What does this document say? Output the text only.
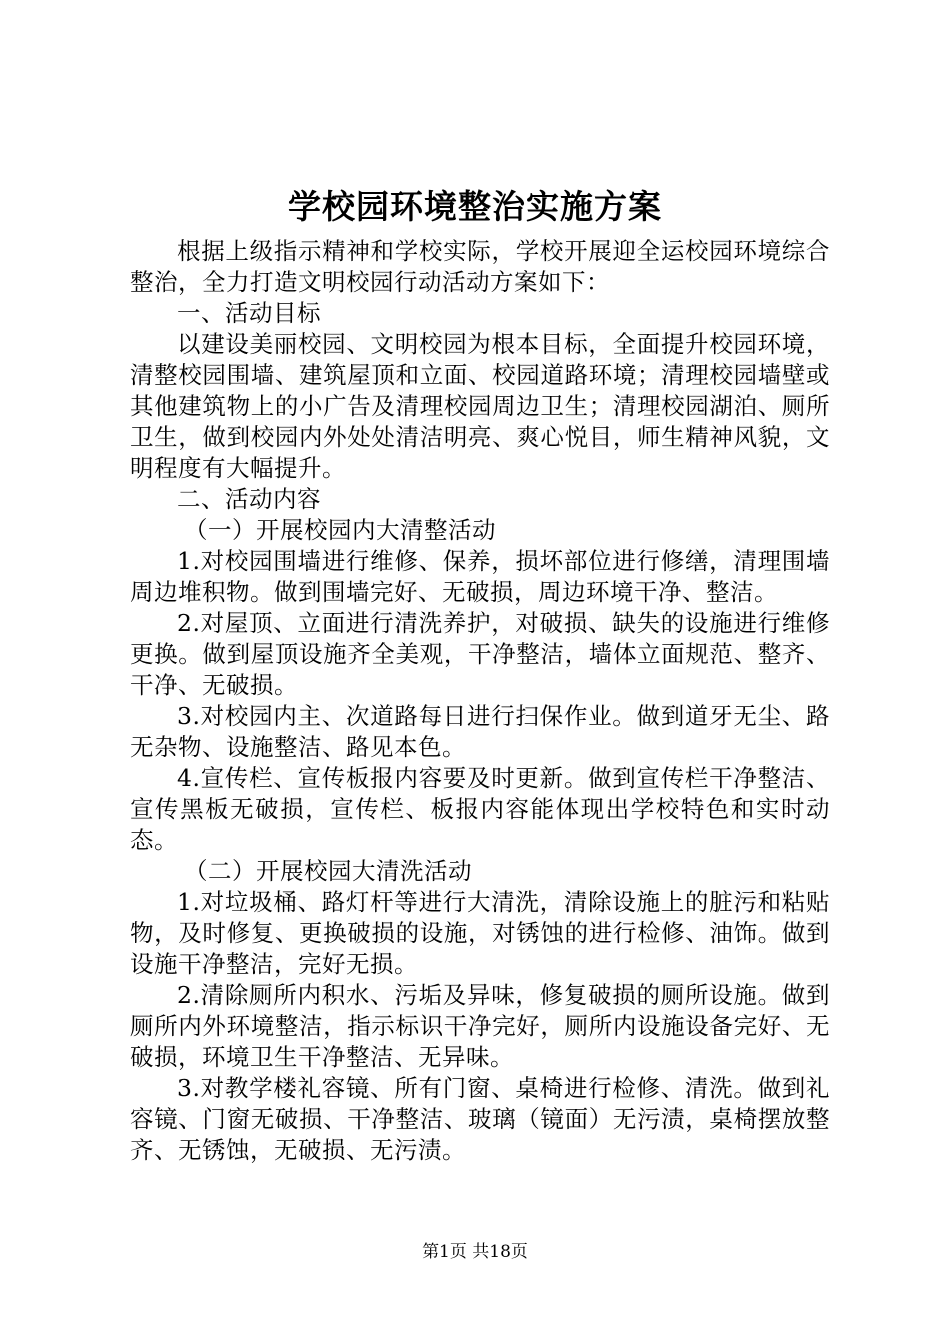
学校园环境整治实施方案

根据上级指示精神和学校实际，学校开展迎全运校园环境综合整治，全力打造文明校园行动活动方案如下：

一、活动目标

以建设美丽校园、文明校园为根本目标，全面提升校园环境，清整校园围墙、建筑屋顶和立面、校园道路环境；清理校园墙壁或其他建筑物上的小广告及清理校园周边卫生；清理校园湖泊、厕所卫生，做到校园内外处处清洁明亮、爽心悦目，师生精神风貌，文明程度有大幅提升。

二、活动内容

（一）开展校园内大清整活动

1.对校园围墙进行维修、保养，损坏部位进行修缮，清理围墙周边堆积物。做到围墙完好、无破损，周边环境干净、整洁。

2.对屋顶、立面进行清洗养护，对破损、缺失的设施进行维修更换。做到屋顶设施齐全美观，干净整洁，墙体立面规范、整齐、干净、无破损。

3.对校园内主、次道路每日进行扫保作业。做到道牙无尘、路无杂物、设施整洁、路见本色。

4.宣传栏、宣传板报内容要及时更新。做到宣传栏干净整洁、宣传黑板无破损，宣传栏、板报内容能体现出学校特色和实时动态。

（二）开展校园大清洗活动

1.对垃圾桶、路灯杆等进行大清洗，清除设施上的脏污和粘贴物，及时修复、更换破损的设施，对锈蚀的进行检修、油饰。做到设施干净整洁，完好无损。

2.清除厕所内积水、污垢及异味，修复破损的厕所设施。做到厕所内外环境整洁，指示标识干净完好，厕所内设施设备完好、无破损，环境卫生干净整洁、无异味。

3.对教学楼礼容镜、所有门窗、桌椅进行检修、清洗。做到礼容镜、门窗无破损、干净整洁、玻璃（镜面）无污渍，桌椅摆放整齐、无锈蚀，无破损、无污渍。

第1页 共18页
